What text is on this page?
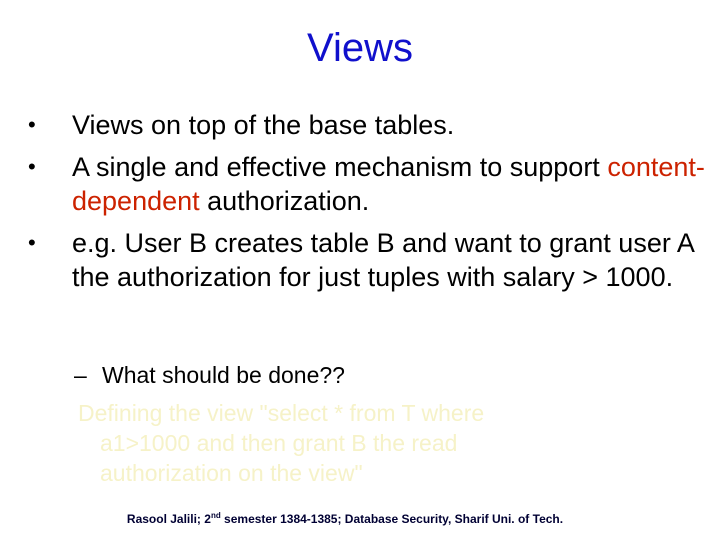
Views
•	Views on top of the base tables.
•	A single and effective mechanism to support content-dependent authorization.
•	e.g. User B creates table B and want to grant user A the authorization for just tuples with salary > 1000.
– What should be done??
Defining the view "select * from T where
a1>1000 and then grant B the read
authorization on the view"
Rasool Jalili; 2nd semester 1384-1385; Database Security, Sharif Uni. of Tech.
